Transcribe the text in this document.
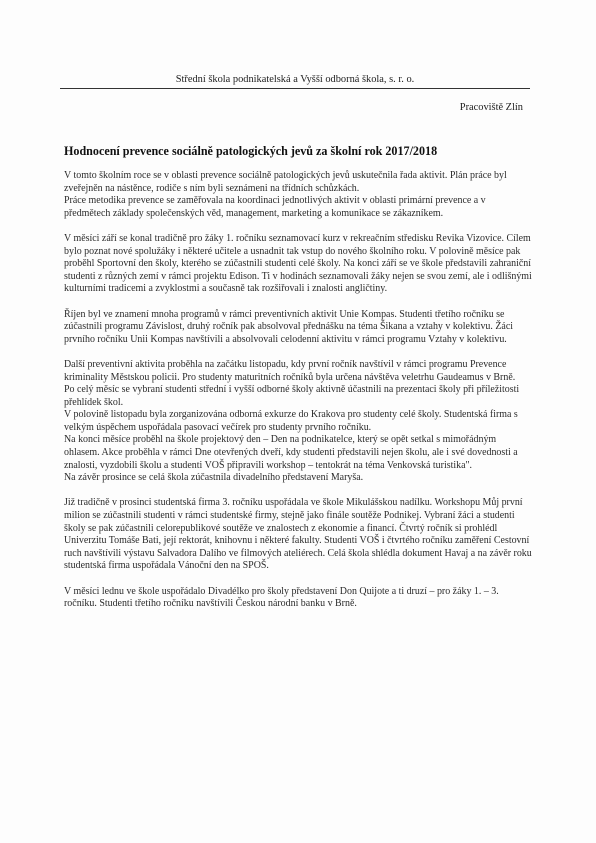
Střední škola podnikatelská a Vyšší odborná škola, s. r. o.
Pracoviště Zlín
Hodnocení prevence sociálně patologických jevů za školní rok 2017/2018

V tomto školním roce se v oblasti prevence sociálně patologických jevů uskutečnila řada aktivit. Plán práce byl zveřejněn na nástěnce, rodiče s ním byli seznámeni na třídních schůzkách.

Práce metodika prevence se zaměřovala na koordinaci jednotlivých aktivit v oblasti primární prevence a v předmětech základy společenských věd, management, marketing a komunikace se zákazníkem.

V měsíci září se konal tradičně pro žáky 1. ročníku seznamovací kurz v rekreačním středisku Revika Vizovice. Cílem bylo poznat nové spolužáky i některé učitele a usnadnit tak vstup do nového školního roku. V polovině měsíce pak proběhl Sportovní den školy, kterého se zúčastnili studenti celé školy. Na konci září se ve škole představili zahraniční studenti z různých zemí v rámci projektu Edison. Ti v hodinách seznamovali žáky nejen se svou zemí, ale i odlišnými kulturními tradicemi a zvyklostmi a současně tak rozšiřovali i znalosti angličtiny.

Říjen byl ve znamení mnoha programů v rámci preventivních aktivit Unie Kompas. Studenti třetího ročníku se zúčastnili programu Závislost, druhý ročník pak absolvoval přednášku na téma Šikana a vztahy v kolektivu. Žáci prvního ročníku Unii Kompas navštívili a absolvovali celodenní aktivitu v rámci programu Vztahy v kolektivu.

Další preventivní aktivita proběhla na začátku listopadu, kdy první ročník navštívil v rámci programu Prevence kriminality Městskou policii. Pro studenty maturitních ročníků byla určena návštěva veletrhu Gaudeamus v Brně.

Po celý měsíc se vybraní studenti střední i vyšší odborné školy aktivně účastnili na prezentaci školy při příležitosti přehlídek škol.

V polovině listopadu byla zorganizována odborná exkurze do Krakova pro studenty celé školy. Studentská firma s velkým úspěchem uspořádala pasovací večírek pro studenty prvního ročníku.

Na konci měsíce proběhl na škole projektový den – Den na podnikatelce, který se opět setkal s mimořádným ohlasem. Akce proběhla v rámci Dne otevřených dveří, kdy studenti představili nejen školu, ale i své dovednosti a znalosti, vyzdobili školu a studenti VOŠ připravili workshop – tentokrát na téma Venkovská turistika".

Na závěr prosince se celá škola zúčastnila divadelního představení Maryša.

Již tradičně v prosinci studentská firma 3. ročníku uspořádala ve škole Mikulášskou nadílku. Workshopu Můj první milion se zúčastnili studenti v rámci studentské firmy, stejně jako finále soutěže Podnikej. Vybraní žáci a studenti školy se pak zúčastnili celorepublikové soutěže ve znalostech z ekonomie a financí. Čtvrtý ročník si prohlédl Univerzitu Tomáše Bati, její rektorát, knihovnu i některé fakulty. Studenti VOŠ i čtvrtého ročníku zaměření Cestovní ruch navštívili výstavu Salvadora Dalího ve filmových ateliérech. Celá škola shlédla dokument Havaj a na závěr roku studentská firma uspořádala Vánoční den na SPOŠ.

V měsíci lednu ve škole uspořádalo Divadélko pro školy představení Don Quijote a ti druzí – pro žáky 1. – 3. ročníku. Studenti třetího ročníku navštívili Českou národní banku v Brně.
